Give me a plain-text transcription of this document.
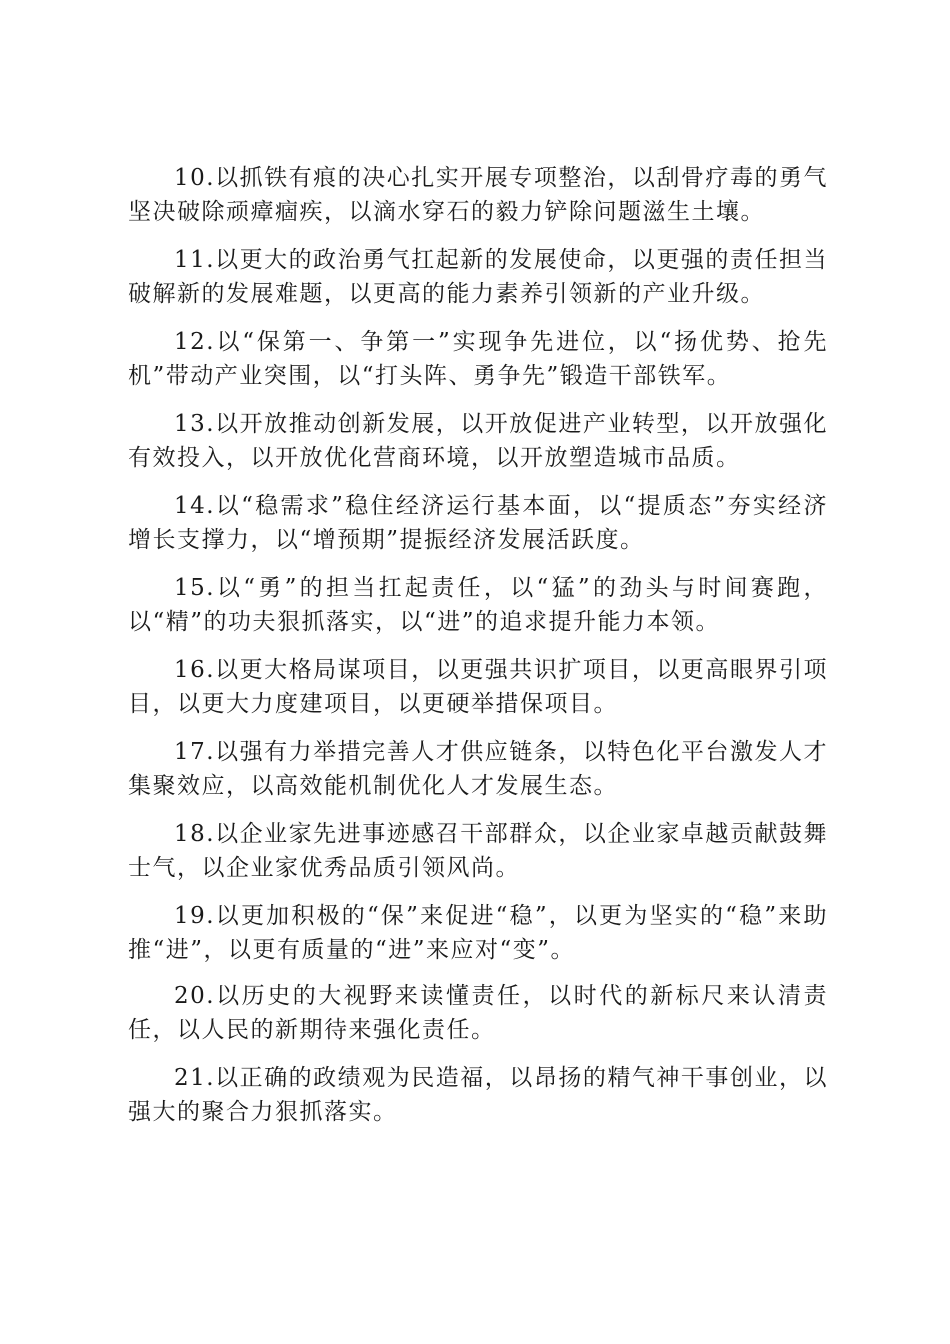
10.以抓铁有痕的决心扎实开展专项整治，以刮骨疗毒的勇气坚决破除顽瘴痼疾，以滴水穿石的毅力铲除问题滋生土壤。

11.以更大的政治勇气扛起新的发展使命，以更强的责任担当破解新的发展难题，以更高的能力素养引领新的产业升级。

12.以“保第一、争第一”实现争先进位，以“扬优势、抢先机”带动产业突围，以“打头阵、勇争先”锻造干部铁军。

13.以开放推动创新发展，以开放促进产业转型，以开放强化有效投入，以开放优化营商环境，以开放塑造城市品质。

14.以“稳需求”稳住经济运行基本面，以“提质态”夯实经济增长支撑力，以“增预期”提振经济发展活跃度。

15.以“勇”的担当扛起责任，以“猛”的劲头与时间赛跑，以“精”的功夫狠抓落实，以“进”的追求提升能力本领。

16.以更大格局谋项目，以更强共识扩项目，以更高眼界引项目，以更大力度建项目，以更硬举措保项目。

17.以强有力举措完善人才供应链条，以特色化平台激发人才集聚效应，以高效能机制优化人才发展生态。

18.以企业家先进事迹感召干部群众，以企业家卓越贡献鼓舞士气，以企业家优秀品质引领风尚。

19.以更加积极的“保”来促进“稳”，以更为坚实的“稳”来助推“进”，以更有质量的“进”来应对“变”。

20.以历史的大视野来读懂责任，以时代的新标尺来认清责任，以人民的新期待来强化责任。

21.以正确的政绩观为民造福，以昂扬的精气神干事创业，以强大的聚合力狠抓落实。
